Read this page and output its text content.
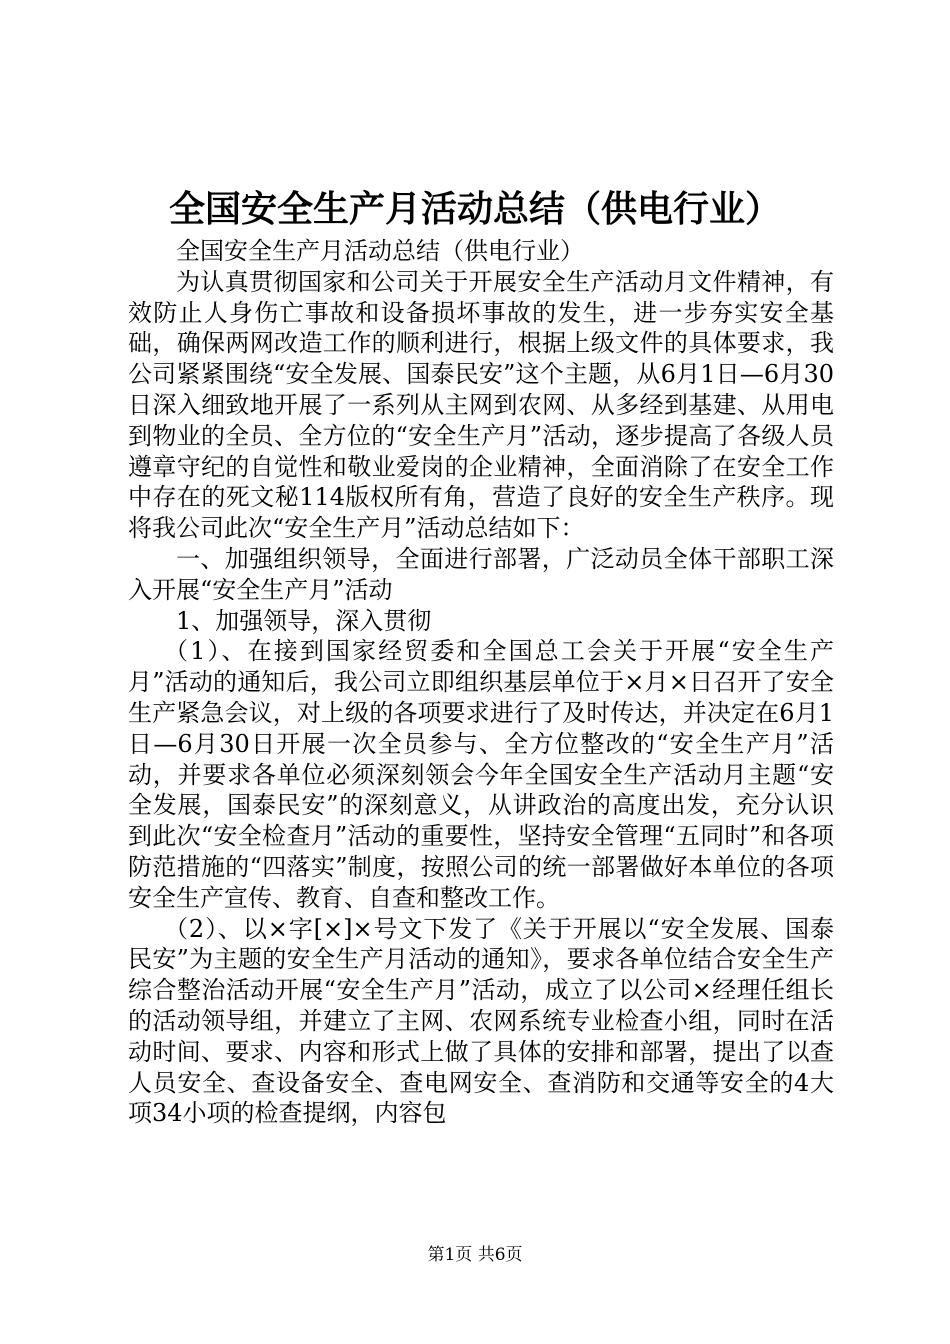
全国安全生产月活动总结（供电行业）

全国安全生产月活动总结（供电行业）

为认真贯彻国家和公司关于开展安全生产活动月文件精神，有效防止人身伤亡事故和设备损坏事故的发生，进一步夯实安全基础，确保两网改造工作的顺利进行，根据上级文件的具体要求，我公司紧紧围绕“安全发展、国泰民安”这个主题，从6月1日—6月30日深入细致地开展了一系列从主网到农网、从多经到基建、从用电到物业的全员、全方位的“安全生产月”活动，逐步提高了各级人员遵章守纪的自觉性和敬业爱岗的企业精神，全面消除了在安全工作中存在的死文秘114版权所有角，营造了良好的安全生产秩序。现将我公司此次“安全生产月”活动总结如下：

一、加强组织领导，全面进行部署，广泛动员全体干部职工深入开展“安全生产月”活动

1、加强领导，深入贯彻

（1）、在接到国家经贸委和全国总工会关于开展“安全生产月”活动的通知后，我公司立即组织基层单位于×月×日召开了安全生产紧急会议，对上级的各项要求进行了及时传达，并决定在6月1日—6月30日开展一次全员参与、全方位整改的“安全生产月”活动，并要求各单位必须深刻领会今年全国安全生产活动月主题“安全发展，国泰民安”的深刻意义，从讲政治的高度出发，充分认识到此次“安全检查月”活动的重要性，坚持安全管理“五同时”和各项防范措施的“四落实”制度，按照公司的统一部署做好本单位的各项安全生产宣传、教育、自查和整改工作。

（2）、以×字[×]×号文下发了《关于开展以“安全发展、国泰民安”为主题的安全生产月活动的通知》，要求各单位结合安全生产综合整治活动开展“安全生产月”活动，成立了以公司×经理任组长的活动领导组，并建立了主网、农网系统专业检查小组，同时在活动时间、要求、内容和形式上做了具体的安排和部署，提出了以查人员安全、查设备安全、查电网安全、查消防和交通等安全的4大项34小项的检查提纲，内容包

第1页 共6页
